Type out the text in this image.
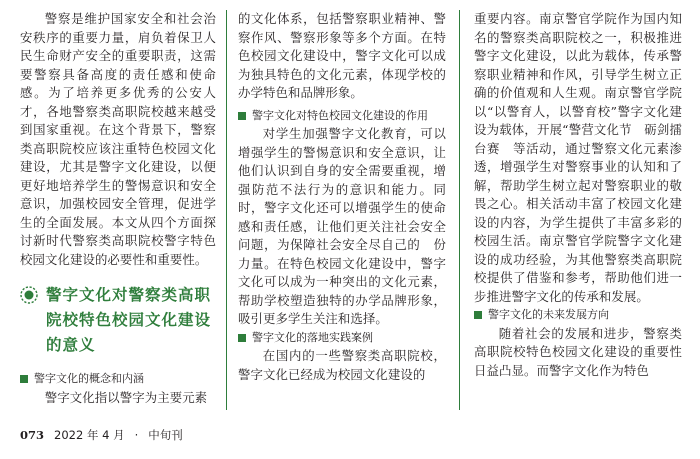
警察是维护国家安全和社会治安秩序的重要力量，肩负着保卫人民生命财产安全的重要职责，这需要警察具备高度的责任感和使命感。为了培养更多优秀的公安人才，各地警察类高职院校越来越受到国家重视。在这个背景下，警察类高职院校应该注重特色校园文化建设，尤其是警字文化建设，以便更好地培养学生的警惕意识和安全意识，加强校园安全管理，促进学生的全面发展。本文从四个方面探讨新时代警察类高职院校警字特色校园文化建设的必要性和重要性。

警字文化对警察类高职院校特色校园文化建设的意义
警字文化的概念和内涵

警字文化指以警字为主要元素

的文化体系，包括警察职业精神、警察作风、警察形象等多个方面。在特色校园文化建设中，警字文化可以成为独具特色的文化元素，体现学校的办学特色和品牌形象。

警字文化对特色校园文化建设的作用

对学生加强警字文化教育，可以增强学生的警惕意识和安全意识，让他们认识到自身的安全需要重视，增强防范不法行为的意识和能力。同时，警字文化还可以增强学生的使命感和责任感，让他们更关注社会安全问题，为保障社会安全尽自己的　份力量。在特色校园文化建设中，警字文化可以成为一种突出的文化元素，帮助学校塑造独特的办学品牌形象，吸引更多学生关注和选择。

警字文化的落地实践案例

在国内的一些警察类高职院校，警字文化已经成为校园文化建设的

重要内容。南京警官学院作为国内知名的警察类高职院校之一，积极推进警字文化建设，以此为载体，传承警察职业精神和作风，引导学生树立正确的价值观和人生观。南京警官学院以“以警育人，以警育校”警字文化建设为载体，开展“警营文化节　砺剑擂台赛　等活动，通过警察文化元素渗透，增强学生对警察事业的认知和了解，帮助学生树立起对警察职业的敬畏之心。相关活动丰富了校园文化建设的内容，为学生提供了丰富多彩的校园生活。南京警官学院警字文化建设的成功经验，为其他警察类高职院校提供了借鉴和参考，帮助他们进一步推进警字文化的传承和发展。

警字文化的未来发展方向

随着社会的发展和进步，警察类高职院校特色校园文化建设的重要性日益凸显。而警字文化作为特色

073 2022 年 4 月 · 中旬刊
